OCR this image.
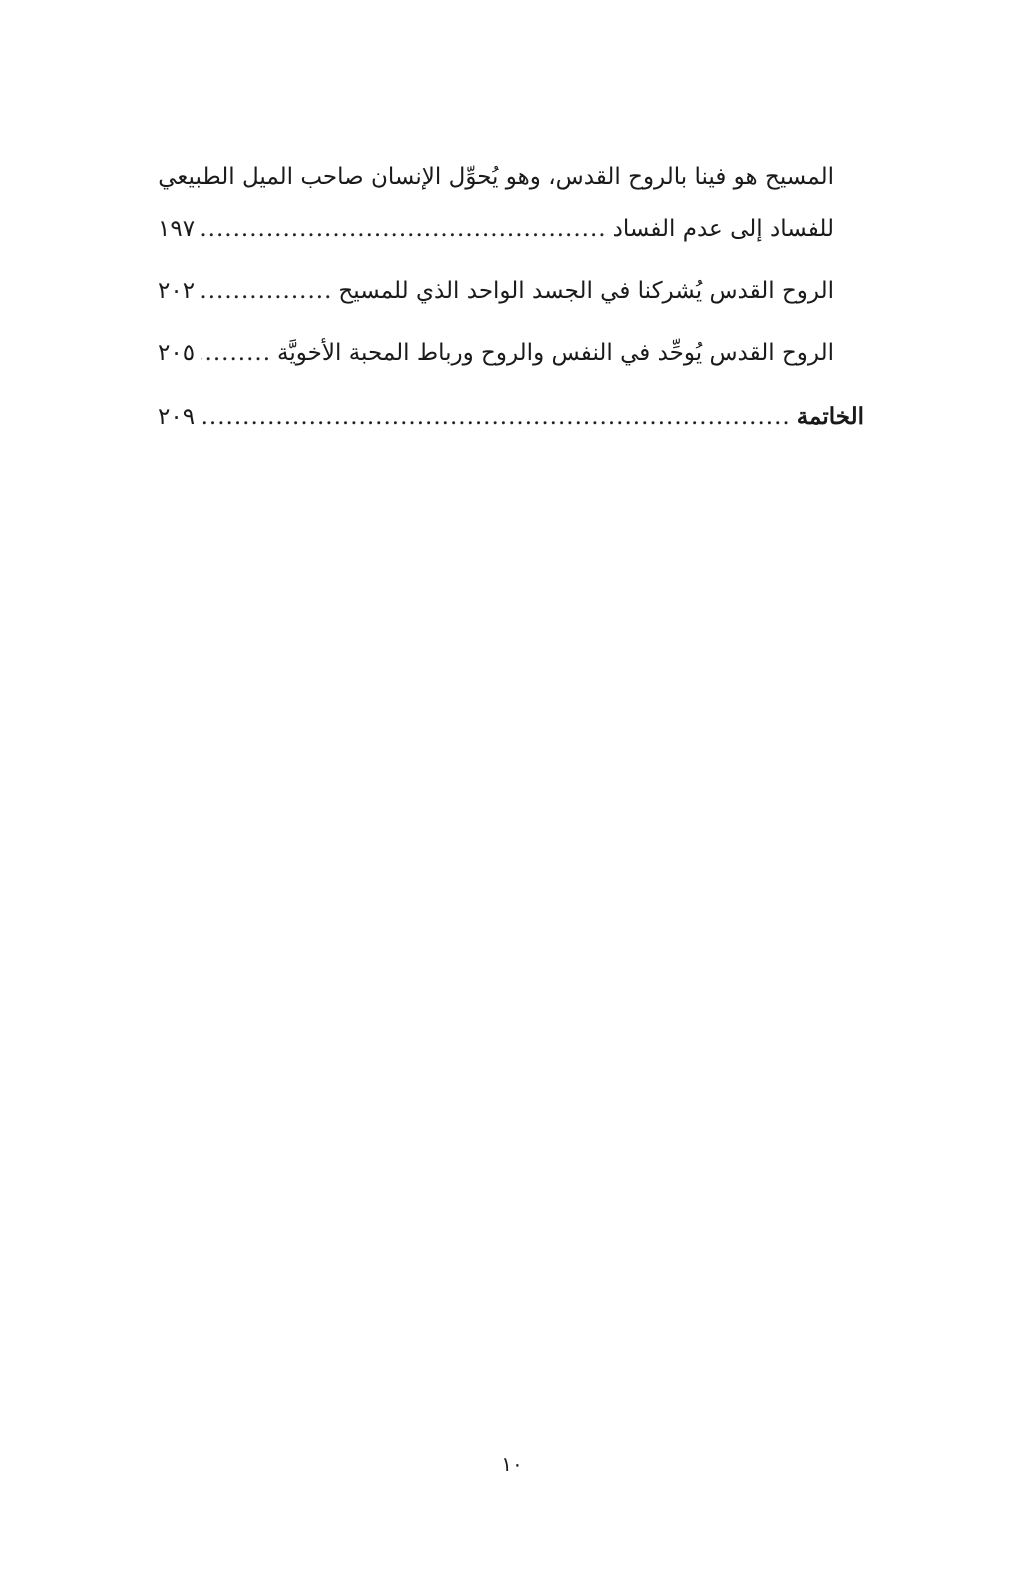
المسيح هو فينا بالروح القدس، وهو يُحوِّل الإنسان صاحب الميل الطبيعي
للفساد إلى عدم الفساد
.....
١٩٧
الروح القدس يُشركنا في الجسد الواحد الذي للمسيح
.....
٢٠٢
الروح القدس يُوحِّد في النفس والروح ورباط المحبة الأخويَّة
.....
٢٠٥
الخاتمة
.....
٢٠٩
١٠
